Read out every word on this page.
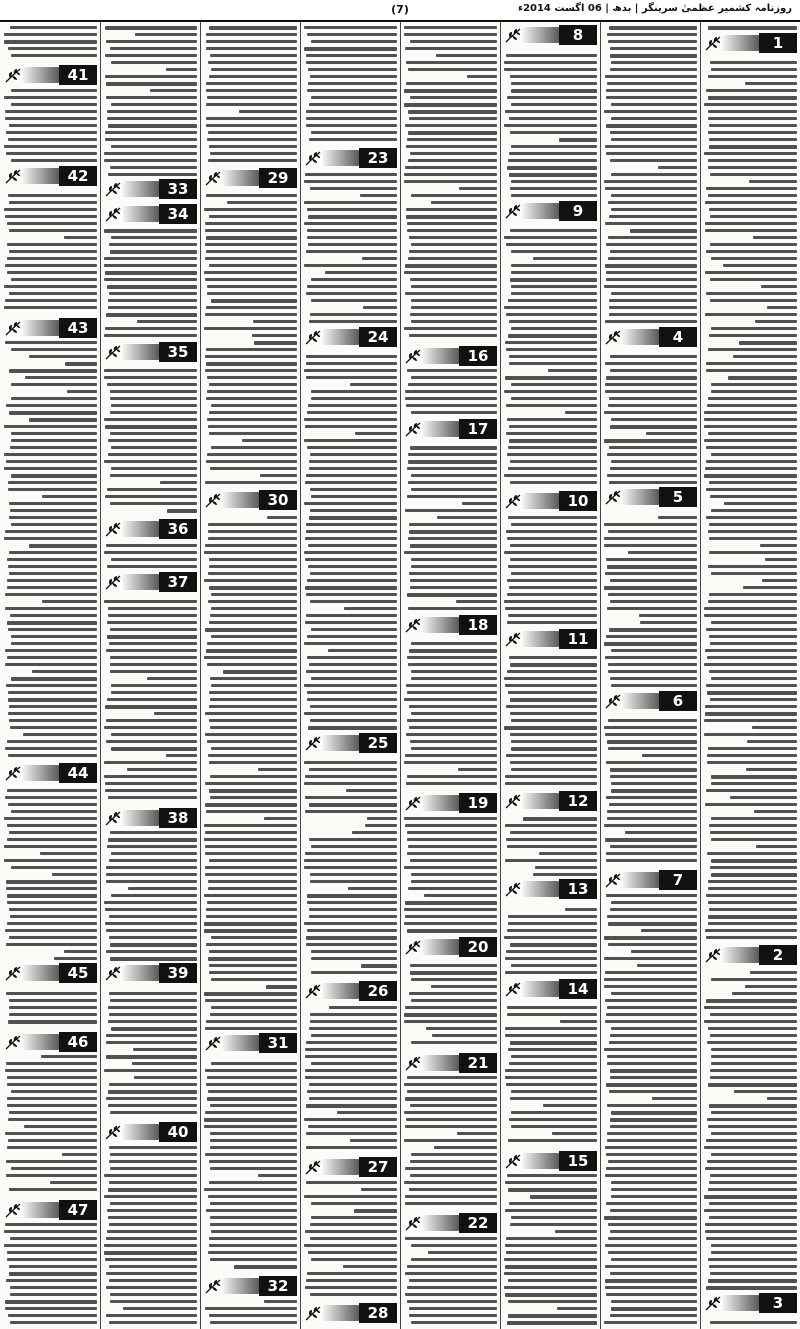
(7)	روزنامہ کشمیر عظمیٰ سرینگر | بدھ | 06 اگست 2014ء
1
2
3
4
5
6
7
8
9
10
11
12
13
14
15
16
17
18
19
20
21
22
23
24
25
26
27
28
29
30
31
32
33
34
35
36
37
38
39
40
41
42
43
44
45
46
47
